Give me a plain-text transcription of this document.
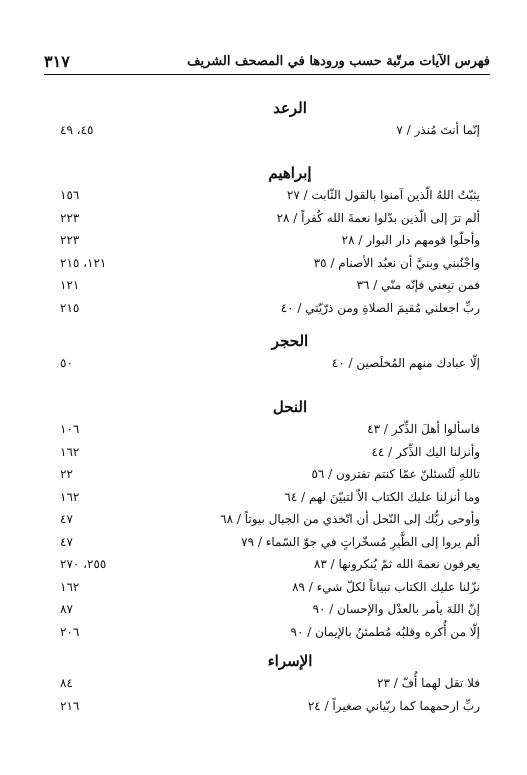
فهرس الآيات مرتّبة حسب ورودها في المصحف الشريف
٣١٧
الرعد
إنّما أنتَ مُنذر / ٧
٤٥، ٤٩
إبراهيم
يثبّتُ اللهُ الّذين آمنوا بالقول الثّابت / ٢٧
١٥٦
ألم ترَ إلى الّذين بدّلوا نعمةَ الله كُفراً / ٢٨
٢٢٣
وأحلّوا قومهم دار البوار / ٢٨
٢٢٣
واجْنُبني وبنيَّ أن نعبُد الأصنام / ٣٥
١٢١، ٢١٥
فمن تبِعني فإنّه منّي / ٣٦
١٢١
ربِّ اجعلني مُقيمَ الصلاةِ ومن ذرّيّتي / ٤٠
٢١٥
الحجر
إلّا عبادك منهم المُخلَصين / ٤٠
٥٠
النحل
فاسألوا أهلَ الذِّكر / ٤٣
١٠٦
وأنزلنا اليك الذِّكر / ٤٤
١٦٢
تاللهِ لَتُسئلنّ عمّا كنتم تفترون / ٥٦
٢٢
وما أنزلنا عليك الكتاب الاّ لتبيّنَ لهم / ٦٤
١٦٢
وأوحى ربُّك إلى النّحل أن اتّخذي من الجبال بيوتاً / ٦٨
٤٧
ألم يروا إلى الطَّيرِ مُسخّراتٍ في جوّ السّماء / ٧٩
٤٧
يعرفون نعمةَ الله ثمّ يُنكرونها / ٨٣
٢٥٥، ٢٧٠
نزّلنا عليك الكتاب تبياناً لكلّ شيء / ٨٩
١٦٢
إنّ اللهَ يأمر بالعدْل والإحسان / ٩٠
٨٧
إلّا من أُكره وقلبُه مُطمئنٌ بالإيمان / ٩٠
٢٠٦
الإسراء
فلا تقل لهما أُفّ / ٢٣
٨٤
ربِّ ارحمهما كما ربّياني صغيراً / ٢٤
٢١٦
